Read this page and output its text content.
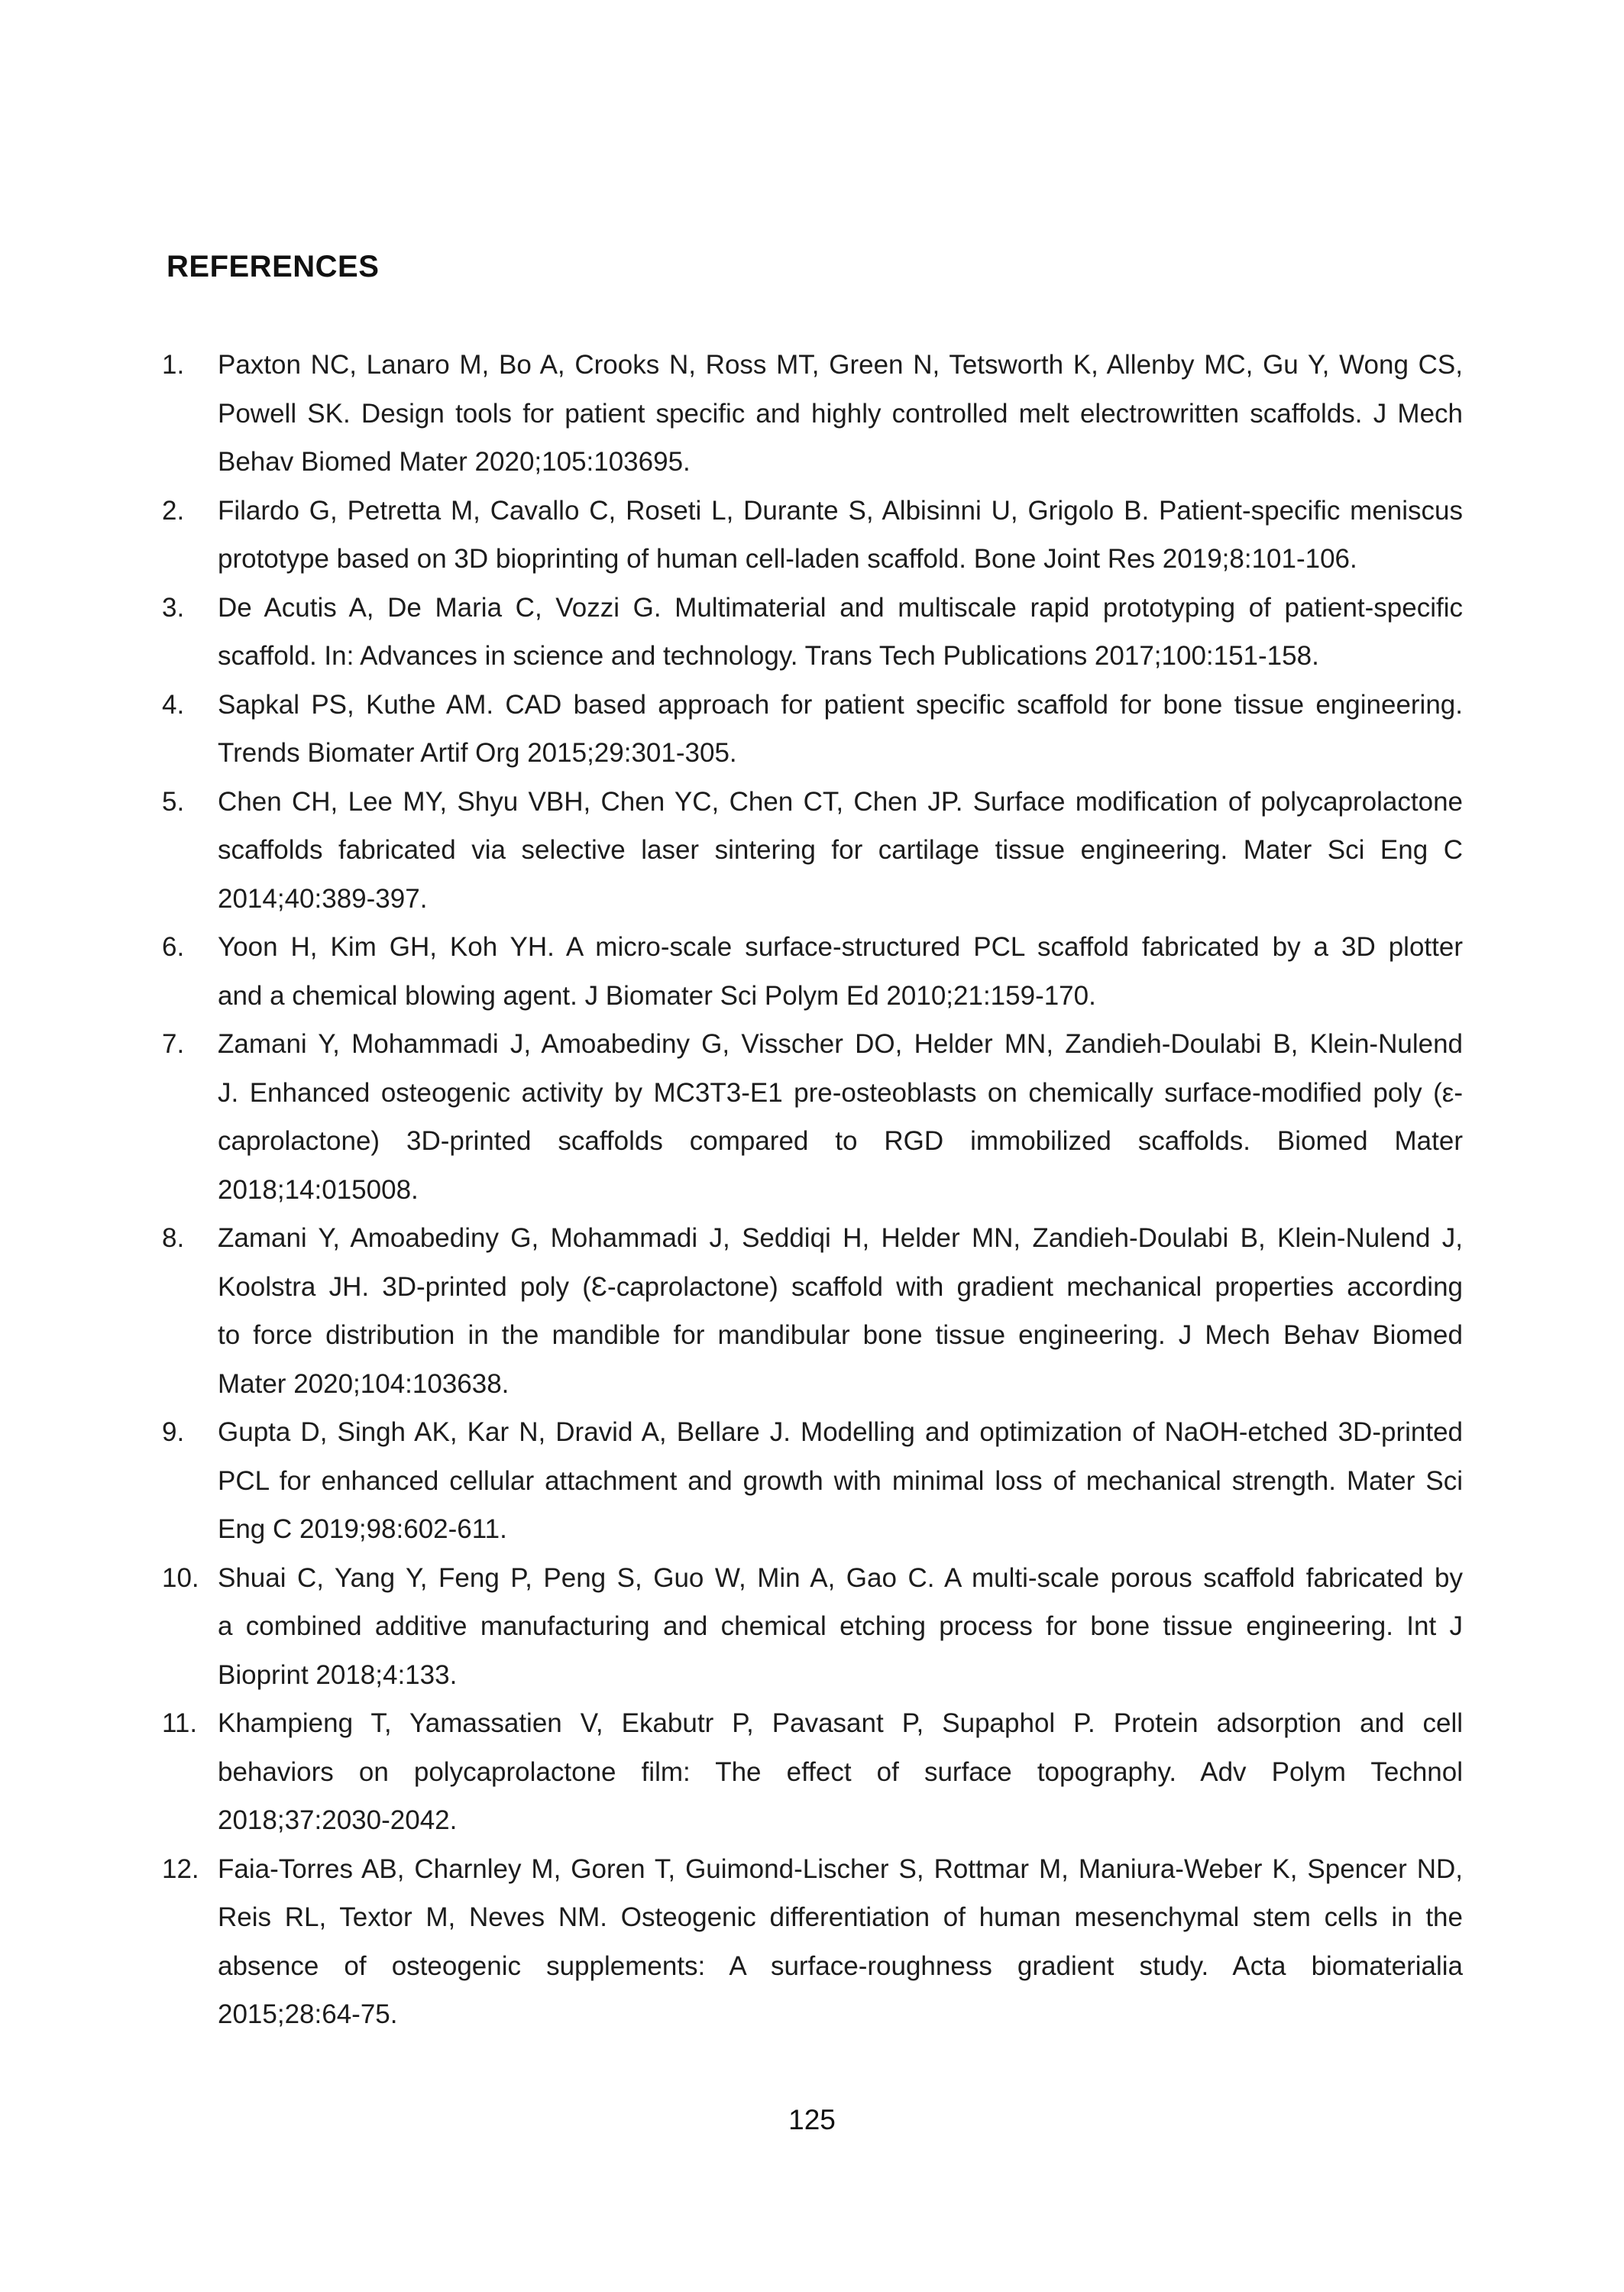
REFERENCES
1. Paxton NC, Lanaro M, Bo A, Crooks N, Ross MT, Green N, Tetsworth K, Allenby MC, Gu Y, Wong CS,
Powell SK. Design tools for patient specific and highly controlled melt electrowritten scaffolds. J Mech
Behav Biomed Mater 2020;105:103695.
2. Filardo G, Petretta M, Cavallo C, Roseti L, Durante S, Albisinni U, Grigolo B. Patient-specific meniscus
prototype based on 3D bioprinting of human cell-laden scaffold. Bone Joint Res 2019;8:101-106.
3. De Acutis A, De Maria C, Vozzi G. Multimaterial and multiscale rapid prototyping of patient-specific
scaffold. In: Advances in science and technology. Trans Tech Publications 2017;100:151-158.
4. Sapkal PS, Kuthe AM. CAD based approach for patient specific scaffold for bone tissue engineering.
Trends Biomater Artif Org 2015;29:301-305.
5. Chen CH, Lee MY, Shyu VBH, Chen YC, Chen CT, Chen JP. Surface modification of polycaprolactone
scaffolds fabricated via selective laser sintering for cartilage tissue engineering. Mater Sci Eng C
2014;40:389-397.
6. Yoon H, Kim GH, Koh YH. A micro-scale surface-structured PCL scaffold fabricated by a 3D plotter
and a chemical blowing agent. J Biomater Sci Polym Ed 2010;21:159-170.
7. Zamani Y, Mohammadi J, Amoabediny G, Visscher DO, Helder MN, Zandieh-Doulabi B, Klein-Nulend
J. Enhanced osteogenic activity by MC3T3-E1 pre-osteoblasts on chemically surface-modified poly (ε-
caprolactone) 3D-printed scaffolds compared to RGD immobilized scaffolds. Biomed Mater
2018;14:015008.
8. Zamani Y, Amoabediny G, Mohammadi J, Seddiqi H, Helder MN, Zandieh-Doulabi B, Klein-Nulend J,
Koolstra JH. 3D-printed poly (Ɛ-caprolactone) scaffold with gradient mechanical properties according
to force distribution in the mandible for mandibular bone tissue engineering. J Mech Behav Biomed
Mater 2020;104:103638.
9. Gupta D, Singh AK, Kar N, Dravid A, Bellare J. Modelling and optimization of NaOH-etched 3D-printed
PCL for enhanced cellular attachment and growth with minimal loss of mechanical strength. Mater Sci
Eng C 2019;98:602-611.
10. Shuai C, Yang Y, Feng P, Peng S, Guo W, Min A, Gao C. A multi-scale porous scaffold fabricated by
a combined additive manufacturing and chemical etching process for bone tissue engineering. Int J
Bioprint 2018;4:133.
11. Khampieng T, Yamassatien V, Ekabutr P, Pavasant P, Supaphol P. Protein adsorption and cell
behaviors on polycaprolactone film: The effect of surface topography. Adv Polym Technol
2018;37:2030-2042.
12. Faia-Torres AB, Charnley M, Goren T, Guimond-Lischer S, Rottmar M, Maniura-Weber K, Spencer ND,
Reis RL, Textor M, Neves NM. Osteogenic differentiation of human mesenchymal stem cells in the
absence of osteogenic supplements: A surface-roughness gradient study. Acta biomaterialia
2015;28:64-75.
125
